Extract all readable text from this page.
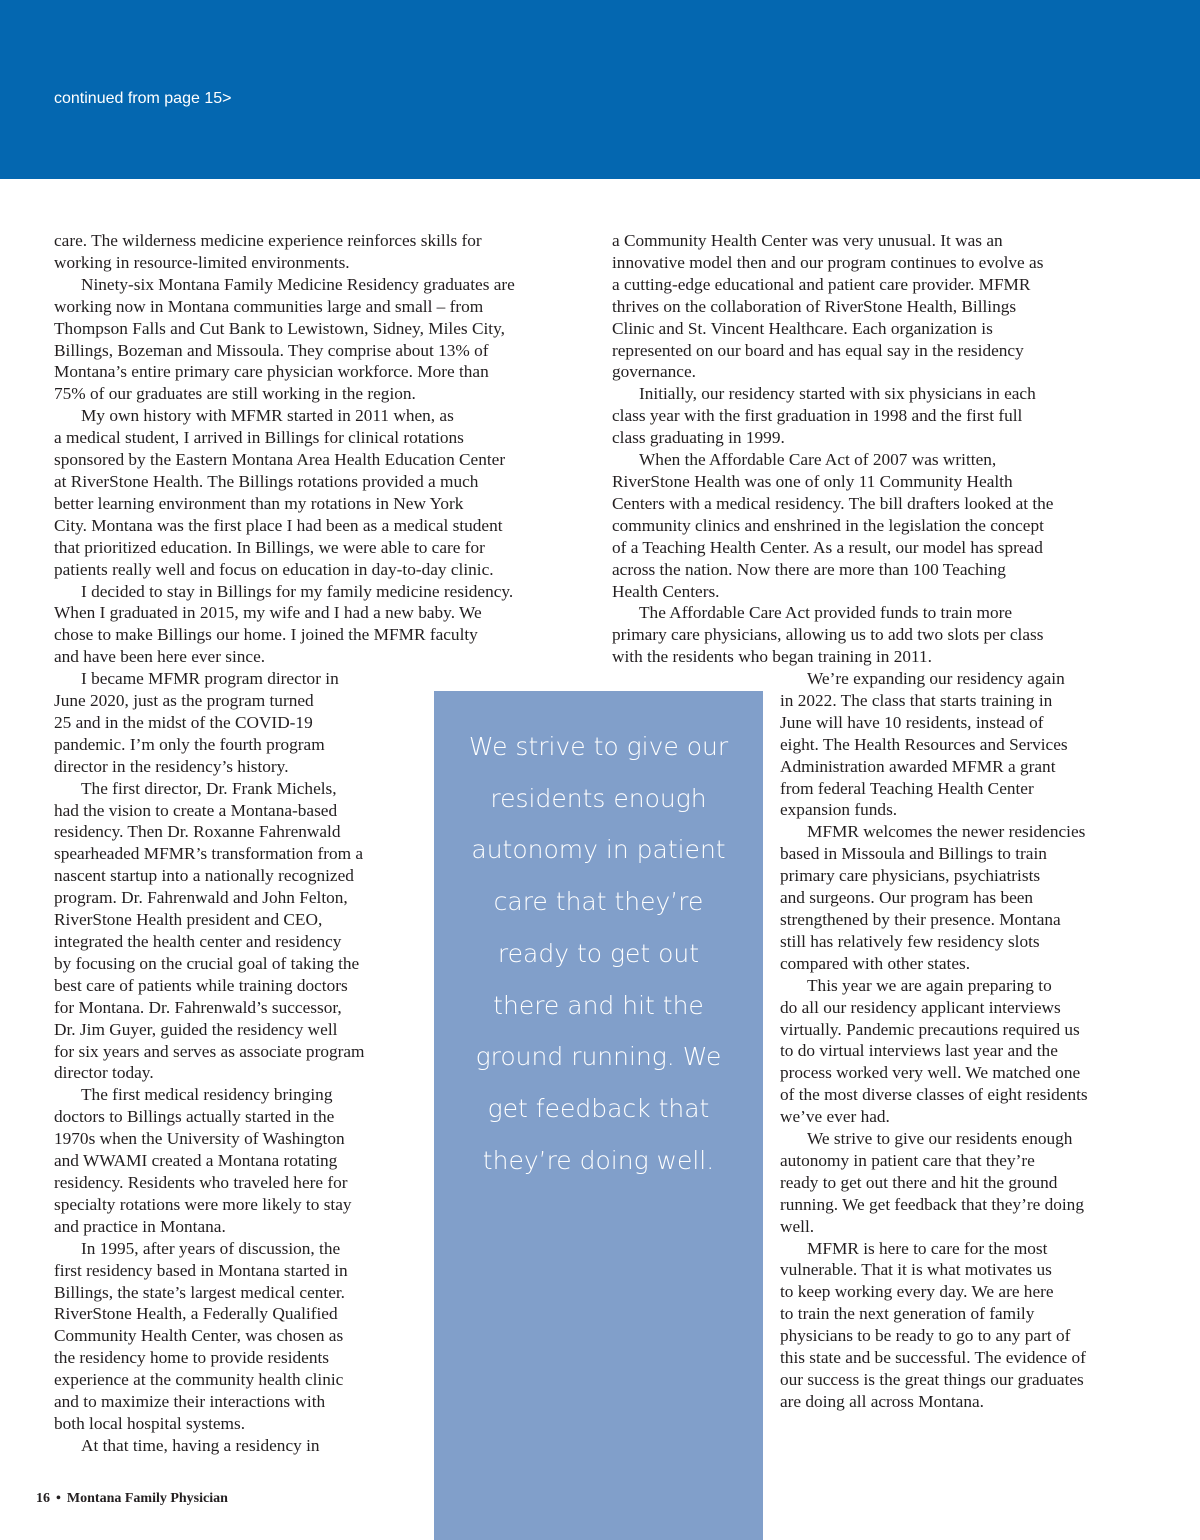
continued from page 15>
care. The wilderness medicine experience reinforces skills for
working in resource-limited environments.
Ninety-six Montana Family Medicine Residency graduates are
working now in Montana communities large and small – from
Thompson Falls and Cut Bank to Lewistown, Sidney, Miles City,
Billings, Bozeman and Missoula. They comprise about 13% of
Montana’s entire primary care physician workforce. More than
75% of our graduates are still working in the region.
My own history with MFMR started in 2011 when, as
a medical student, I arrived in Billings for clinical rotations
sponsored by the Eastern Montana Area Health Education Center
at RiverStone Health. The Billings rotations provided a much
better learning environment than my rotations in New York
City. Montana was the first place I had been as a medical student
that prioritized education. In Billings, we were able to care for
patients really well and focus on education in day-to-day clinic.
I decided to stay in Billings for my family medicine residency.
When I graduated in 2015, my wife and I had a new baby. We
chose to make Billings our home. I joined the MFMR faculty
and have been here ever since.
I became MFMR program director in
June 2020, just as the program turned
25 and in the midst of the COVID-19
pandemic. I’m only the fourth program
director in the residency’s history.
The first director, Dr. Frank Michels,
had the vision to create a Montana-based
residency. Then Dr. Roxanne Fahrenwald
spearheaded MFMR’s transformation from a
nascent startup into a nationally recognized
program. Dr. Fahrenwald and John Felton,
RiverStone Health president and CEO,
integrated the health center and residency
by focusing on the crucial goal of taking the
best care of patients while training doctors
for Montana. Dr. Fahrenwald’s successor,
Dr. Jim Guyer, guided the residency well
for six years and serves as associate program
director today.
The first medical residency bringing
doctors to Billings actually started in the
1970s when the University of Washington
and WWAMI created a Montana rotating
residency. Residents who traveled here for
specialty rotations were more likely to stay
and practice in Montana.
In 1995, after years of discussion, the
first residency based in Montana started in
Billings, the state’s largest medical center.
RiverStone Health, a Federally Qualified
Community Health Center, was chosen as
the residency home to provide residents
experience at the community health clinic
and to maximize their interactions with
both local hospital systems.
At that time, having a residency in
a Community Health Center was very unusual. It was an
innovative model then and our program continues to evolve as
a cutting-edge educational and patient care provider. MFMR
thrives on the collaboration of RiverStone Health, Billings
Clinic and St. Vincent Healthcare. Each organization is
represented on our board and has equal say in the residency
governance.
Initially, our residency started with six physicians in each
class year with the first graduation in 1998 and the first full
class graduating in 1999.
When the Affordable Care Act of 2007 was written,
RiverStone Health was one of only 11 Community Health
Centers with a medical residency. The bill drafters looked at the
community clinics and enshrined in the legislation the concept
of a Teaching Health Center. As a result, our model has spread
across the nation. Now there are more than 100 Teaching
Health Centers.
The Affordable Care Act provided funds to train more
primary care physicians, allowing us to add two slots per class
with the residents who began training in 2011.
We’re expanding our residency again
in 2022. The class that starts training in
June will have 10 residents, instead of
eight. The Health Resources and Services
Administration awarded MFMR a grant
from federal Teaching Health Center
expansion funds.
MFMR welcomes the newer residencies
based in Missoula and Billings to train
primary care physicians, psychiatrists
and surgeons. Our program has been
strengthened by their presence. Montana
still has relatively few residency slots
compared with other states.
This year we are again preparing to
do all our residency applicant interviews
virtually. Pandemic precautions required us
to do virtual interviews last year and the
process worked very well. We matched one
of the most diverse classes of eight residents
we’ve ever had.
We strive to give our residents enough
autonomy in patient care that they’re
ready to get out there and hit the ground
running. We get feedback that they’re doing
well.
MFMR is here to care for the most
vulnerable. That it is what motivates us
to keep working every day. We are here
to train the next generation of family
physicians to be ready to go to any part of
this state and be successful. The evidence of
our success is the great things our graduates
are doing all across Montana.
We strive to give our
residents enough
autonomy in patient
care that they’re
ready to get out
there and hit the
ground running. We
get feedback that
they’re doing well.
16 • Montana Family Physician
